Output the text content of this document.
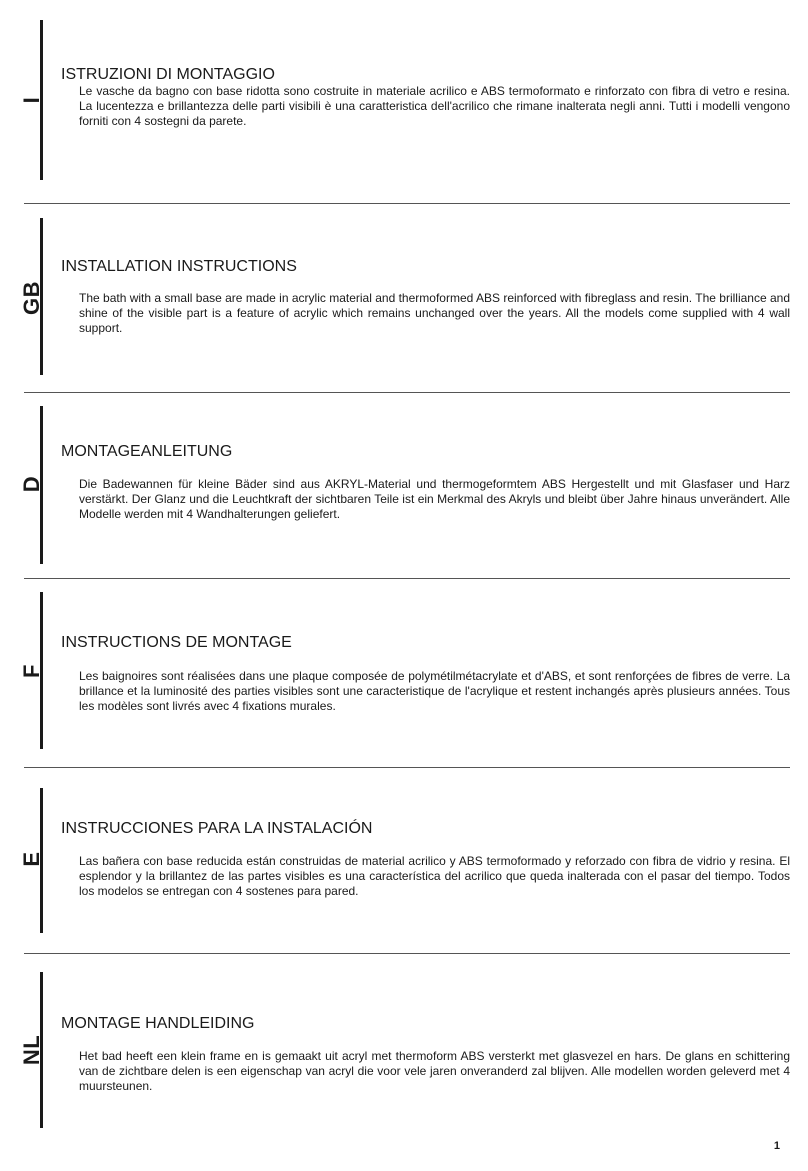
I
ISTRUZIONI DI MONTAGGIO
Le vasche da bagno con base ridotta sono costruite in materiale acrilico e ABS termoformato e rinforzato con fibra di vetro e resina. La lucentezza e brillantezza delle parti visibili è una caratteristica dell'acrilico che rimane inalterata negli anni. Tutti i modelli vengono forniti con 4 sostegni da parete.
GB
INSTALLATION INSTRUCTIONS
The bath with a small base are made in acrylic material and thermoformed ABS reinforced with fibreglass and resin. The brilliance and shine of the visible part is a feature of acrylic which remains unchanged over the years. All the models come supplied with 4 wall support.
D
MONTAGEANLEITUNG
Die Badewannen für kleine Bäder sind aus AKRYL-Material und thermogeformtem ABS Hergestellt und mit Glasfaser und Harz verstärkt. Der Glanz und die Leuchtkraft der sichtbaren Teile ist ein Merkmal des Akryls und bleibt über Jahre hinaus unverändert. Alle Modelle werden mit 4 Wandhalterungen geliefert.
F
INSTRUCTIONS DE MONTAGE
Les baignoires sont réalisées dans une plaque composée de polymétilmétacrylate et d'ABS, et sont renforçées de fibres de verre. La brillance et la luminosité des parties visibles sont une caracteristique de l'acrylique et restent inchangés après plusieurs années. Tous les modèles sont livrés avec 4 fixations murales.
E
INSTRUCCIONES PARA LA INSTALACIÓN
Las bañera con base reducida están construidas de material acrilico y ABS termoformado y reforzado con fibra de vidrio y resina. El esplendor y la brillantez de las partes visibles es una característica del acrilico que queda inalterada con el pasar del tiempo. Todos los modelos se entregan con 4 sostenes para pared.
NL
MONTAGE HANDLEIDING
Het bad heeft een klein frame en is gemaakt uit acryl met thermoform ABS versterkt met glasvezel en hars. De glans en schittering van de zichtbare delen is een eigenschap van acryl die voor vele jaren onveranderd zal blijven. Alle modellen worden geleverd met 4 muursteunen.
1
